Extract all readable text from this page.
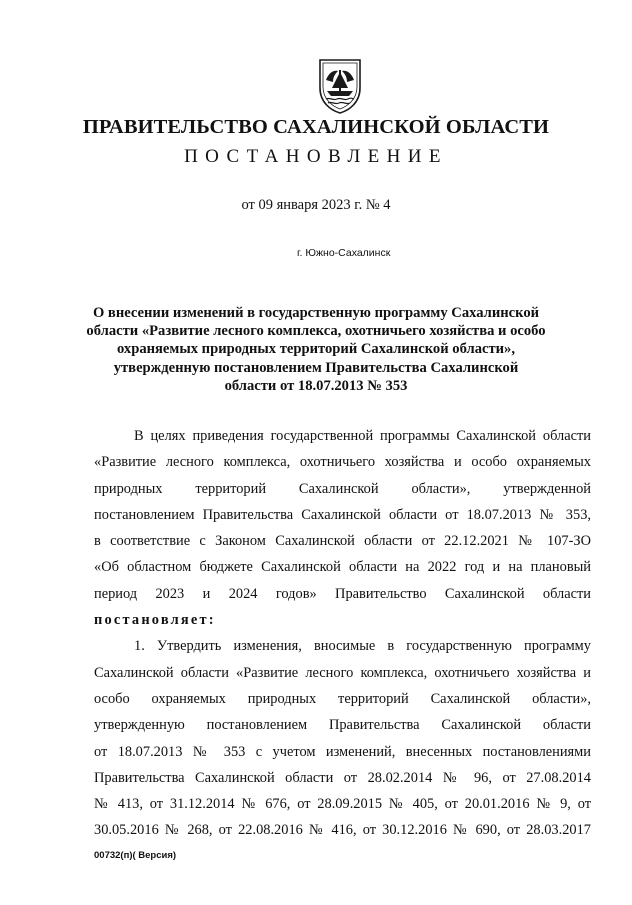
ПРАВИТЕЛЬСТВО САХАЛИНСКОЙ ОБЛАСТИ
ПОСТАНОВЛЕНИЕ
от 09 января 2023 г. № 4
г. Южно-Сахалинск
О внесении изменений в государственную программу Сахалинской
области «Развитие лесного комплекса, охотничьего хозяйства и особо
охраняемых природных территорий Сахалинской области»,
утвержденную постановлением Правительства Сахалинской
области от 18.07.2013 № 353
В целях приведения государственной программы Сахалинской области
«Развитие лесного комплекса, охотничьего хозяйства и особо охраняемых
природных территорий Сахалинской области», утвержденной
постановлением Правительства Сахалинской области от 18.07.2013 № 353,
в соответствие с Законом Сахалинской области от 22.12.2021 № 107-ЗО
«Об областном бюджете Сахалинской области на 2022 год и на плановый
период 2023 и 2024 годов» Правительство Сахалинской области
постановляет:
1. Утвердить изменения, вносимые в государственную программу
Сахалинской области «Развитие лесного комплекса, охотничьего хозяйства и
особо охраняемых природных территорий Сахалинской области»,
утвержденную постановлением Правительства Сахалинской области
от 18.07.2013 № 353 с учетом изменений, внесенных постановлениями
Правительства Сахалинской области от 28.02.2014 № 96, от 27.08.2014
№ 413, от 31.12.2014 № 676, от 28.09.2015 № 405, от 20.01.2016 № 9, от
30.05.2016 № 268, от 22.08.2016 № 416, от 30.12.2016 № 690, от 28.03.2017
00732(п)( Версия)
